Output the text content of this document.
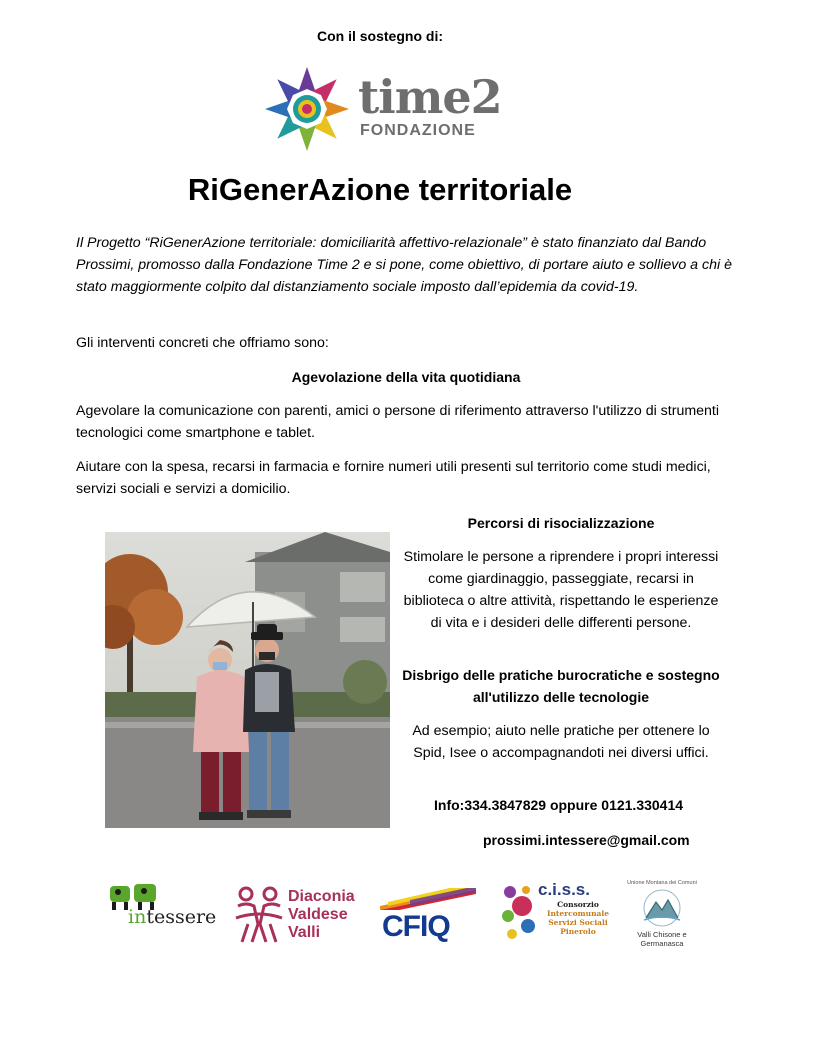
Con il sostegno di:
time2
FONDAZIONE
RiGenerAzione territoriale
Il Progetto “RiGenerAzione territoriale: domiciliarità affettivo-relazionale” è stato finanziato dal Bando Prossimi, promosso dalla Fondazione Time 2 e si pone, come obiettivo, di portare aiuto e sollievo a chi è stato maggiormente colpito dal distanziamento sociale imposto dall’epidemia da covid-19.
Gli interventi concreti che offriamo sono:
Agevolazione della vita quotidiana
Agevolare la comunicazione con parenti, amici o persone di riferimento attraverso l'utilizzo di strumenti tecnologici come smartphone e tablet.
Aiutare con la spesa, recarsi in farmacia e fornire numeri utili presenti sul territorio come studi medici, servizi sociali e servizi a domicilio.
Percorsi di risocializzazione
Stimolare le persone a riprendere i propri interessi come giardinaggio, passeggiate, recarsi in biblioteca o altre attività, rispettando le esperienze di vita e i desideri delle differenti persone.
Disbrigo delle pratiche burocratiche e sostegno all'utilizzo delle tecnologie
Ad esempio; aiuto nelle pratiche per ottenere lo Spid, Isee o accompagnandoti nei diversi uffici.
Info:334.3847829 oppure 0121.330414
prossimi.intessere@gmail.com
intessere
Diaconia
Valdese
Valli	CFIQ
c.i.s.s.
Consorzio
Intercomunale
Servizi Sociali
Pinerolo
Unione Montana dei Comuni
Valli Chisone e Germanasca
